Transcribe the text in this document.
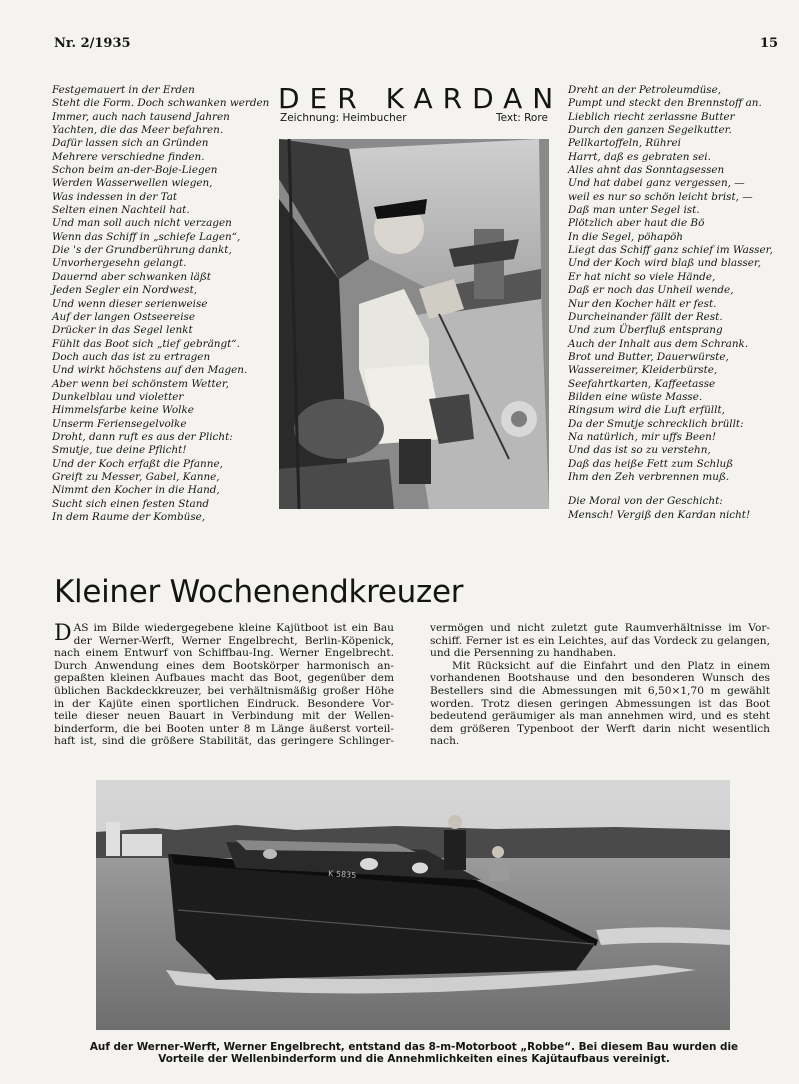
Nr. 2/1935	15
Festgemauert in der Erden
Steht die Form. Doch schwanken werden
Immer, auch nach tausend Jahren
Yachten, die das Meer befahren.
Dafür lassen sich an Gründen
Mehrere verschiedne finden.
Schon beim an-der-Boje-Liegen
Werden Wasserwellen wiegen,
Was indessen in der Tat
Selten einen Nachteil hat.
Und man soll auch nicht verzagen
Wenn das Schiff in „schiefe Lagen“,
Die 's der Grundberührung dankt,
Unvorhergesehn gelangt.
Dauernd aber schwanken läßt
Jeden Segler ein Nordwest,
Und wenn dieser serienweise
Auf der langen Ostseereise
Drücker in das Segel lenkt
Fühlt das Boot sich „tief gebrängt“.
Doch auch das ist zu ertragen
Und wirkt höchstens auf den Magen.
Aber wenn bei schönstem Wetter,
Dunkelblau und violetter
Himmelsfarbe keine Wolke
Unserm Feriensegelvolke
Droht, dann ruft es aus der Plicht:
Smutje, tue deine Pflicht!
Und der Koch erfaßt die Pfanne,
Greift zu Messer, Gabel, Kanne,
Nimmt den Kocher in die Hand,
Sucht sich einen festen Stand
In dem Raume der Kombüse,
DER KARDAN
Zeichnung: Heimbucher	Text: Rore
Dreht an der Petroleumdüse,
Pumpt und steckt den Brennstoff an.
Lieblich riecht zerlassne Butter
Durch den ganzen Segelkutter.
Pellkartoffeln, Rührei
Harrt, daß es gebraten sei.
Alles ahnt das Sonntagsessen
Und hat dabei ganz vergessen, —
weil es nur so schön leicht brist, —
Daß man unter Segel ist.
Plötzlich aber haut die Bö
In die Segel, pöhapöh
Liegt das Schiff ganz schief im Wasser,
Und der Koch wird blaß und blasser,
Er hat nicht so viele Hände,
Daß er noch das Unheil wende,
Nur den Kocher hält er fest.
Durcheinander fällt der Rest.
Und zum Überfluß entsprang
Auch der Inhalt aus dem Schrank.
Brot und Butter, Dauerwürste,
Wassereimer, Kleiderbürste,
Seefahrtkarten, Kaffeetasse
Bilden eine wüste Masse.
Ringsum wird die Luft erfüllt,
Da der Smutje schrecklich brüllt:
Na natürlich, mir uffs Been!
Und das ist so zu verstehn,
Daß das heiße Fett zum Schluß
Ihm den Zeh verbrennen muß.
Die Moral von der Geschicht:
Mensch! Vergiß den Kardan nicht!
Kleiner Wochenendkreuzer
D AS im Bilde wiedergegebene kleine Kajütboot ist ein Bau
der Werner-Werft, Werner Engelbrecht, Berlin-Köpenick,
nach einem Entwurf von Schiffbau-Ing. Werner Engelbrecht.
Durch Anwendung eines dem Bootskörper harmonisch an-
gepaßten kleinen Aufbaues macht das Boot, gegenüber dem
üblichen Backdeckkreuzer, bei verhältnismäßig großer Höhe
in der Kajüte einen sportlichen Eindruck. Besondere Vor-
teile dieser neuen Bauart in Verbindung mit der Wellen-
binderform, die bei Booten unter 8 m Länge äußerst vorteil-
haft ist, sind die größere Stabilität, das geringere Schlinger-
vermögen und nicht zuletzt gute Raumverhältnisse im Vor-
schiff. Ferner ist es ein Leichtes, auf das Vordeck zu gelangen,
und die Persenning zu handhaben.
Mit Rücksicht auf die Einfahrt und den Platz in einem
vorhandenen Bootshause und den besonderen Wunsch des
Bestellers sind die Abmessungen mit 6,50×1,70 m gewählt
worden. Trotz diesen geringen Abmessungen ist das Boot
bedeutend geräumiger als man annehmen wird, und es steht
dem größeren Typenboot der Werft darin nicht wesentlich
nach.
K 5835
Auf der Werner-Werft, Werner Engelbrecht, entstand das 8-m-Motorboot „Robbe“. Bei diesem Bau wurden die Vorteile der Wellenbinderform und die Annehmlichkeiten eines Kajütaufbaus vereinigt.
